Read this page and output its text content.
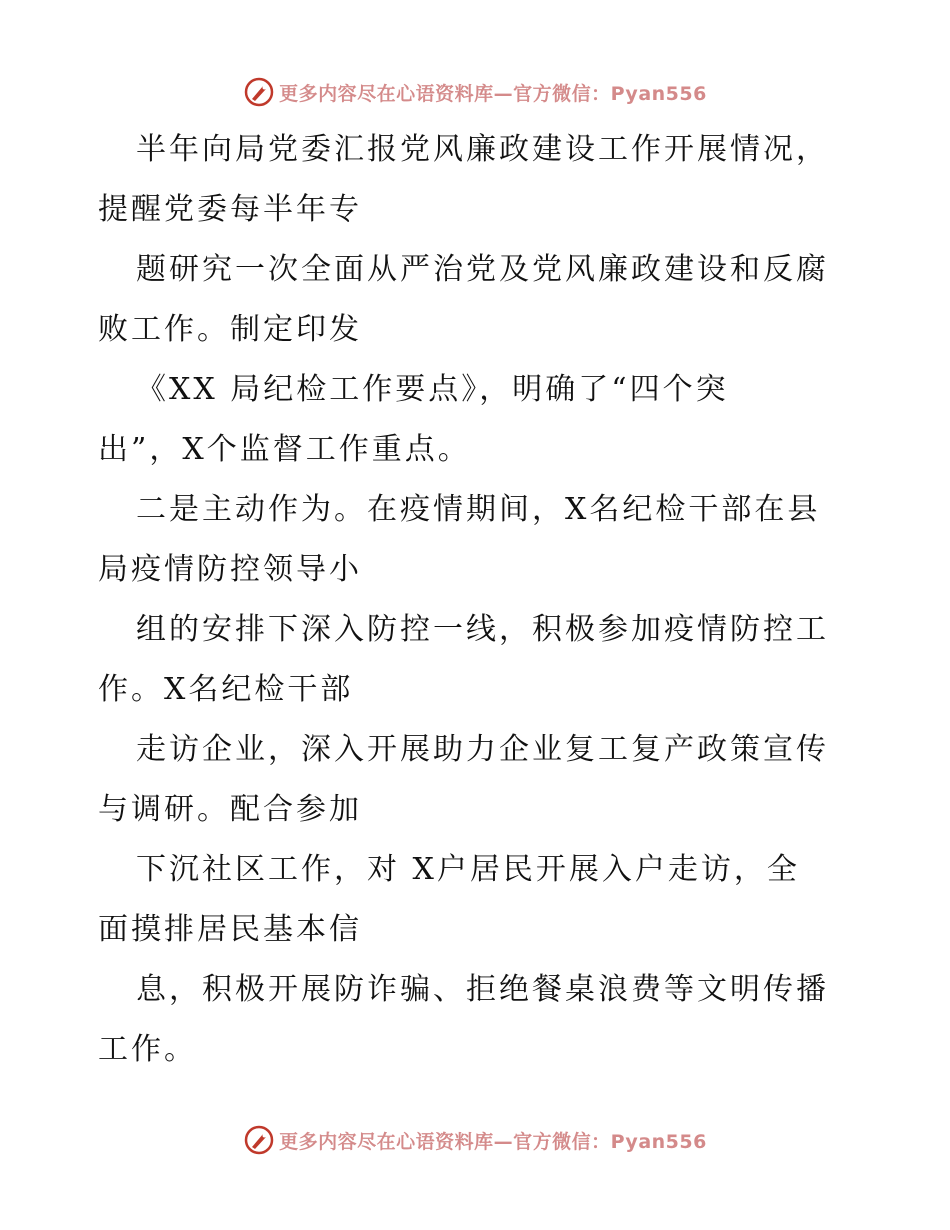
更多内容尽在心语资料库—官方微信：Pyan556
半年向局党委汇报党风廉政建设工作开展情况，
提醒党委每半年专
题研究一次全面从严治党及党风廉政建设和反腐
败工作。制定印发
《XX 局纪检工作要点》，明确了“四个突
出”，X个监督工作重点。
二是主动作为。在疫情期间，X名纪检干部在县
局疫情防控领导小
组的安排下深入防控一线，积极参加疫情防控工
作。X名纪检干部
走访企业，深入开展助力企业复工复产政策宣传
与调研。配合参加
下沉社区工作，对 X户居民开展入户走访，全
面摸排居民基本信
息，积极开展防诈骗、拒绝餐桌浪费等文明传播
工作。
更多内容尽在心语资料库—官方微信：Pyan556
